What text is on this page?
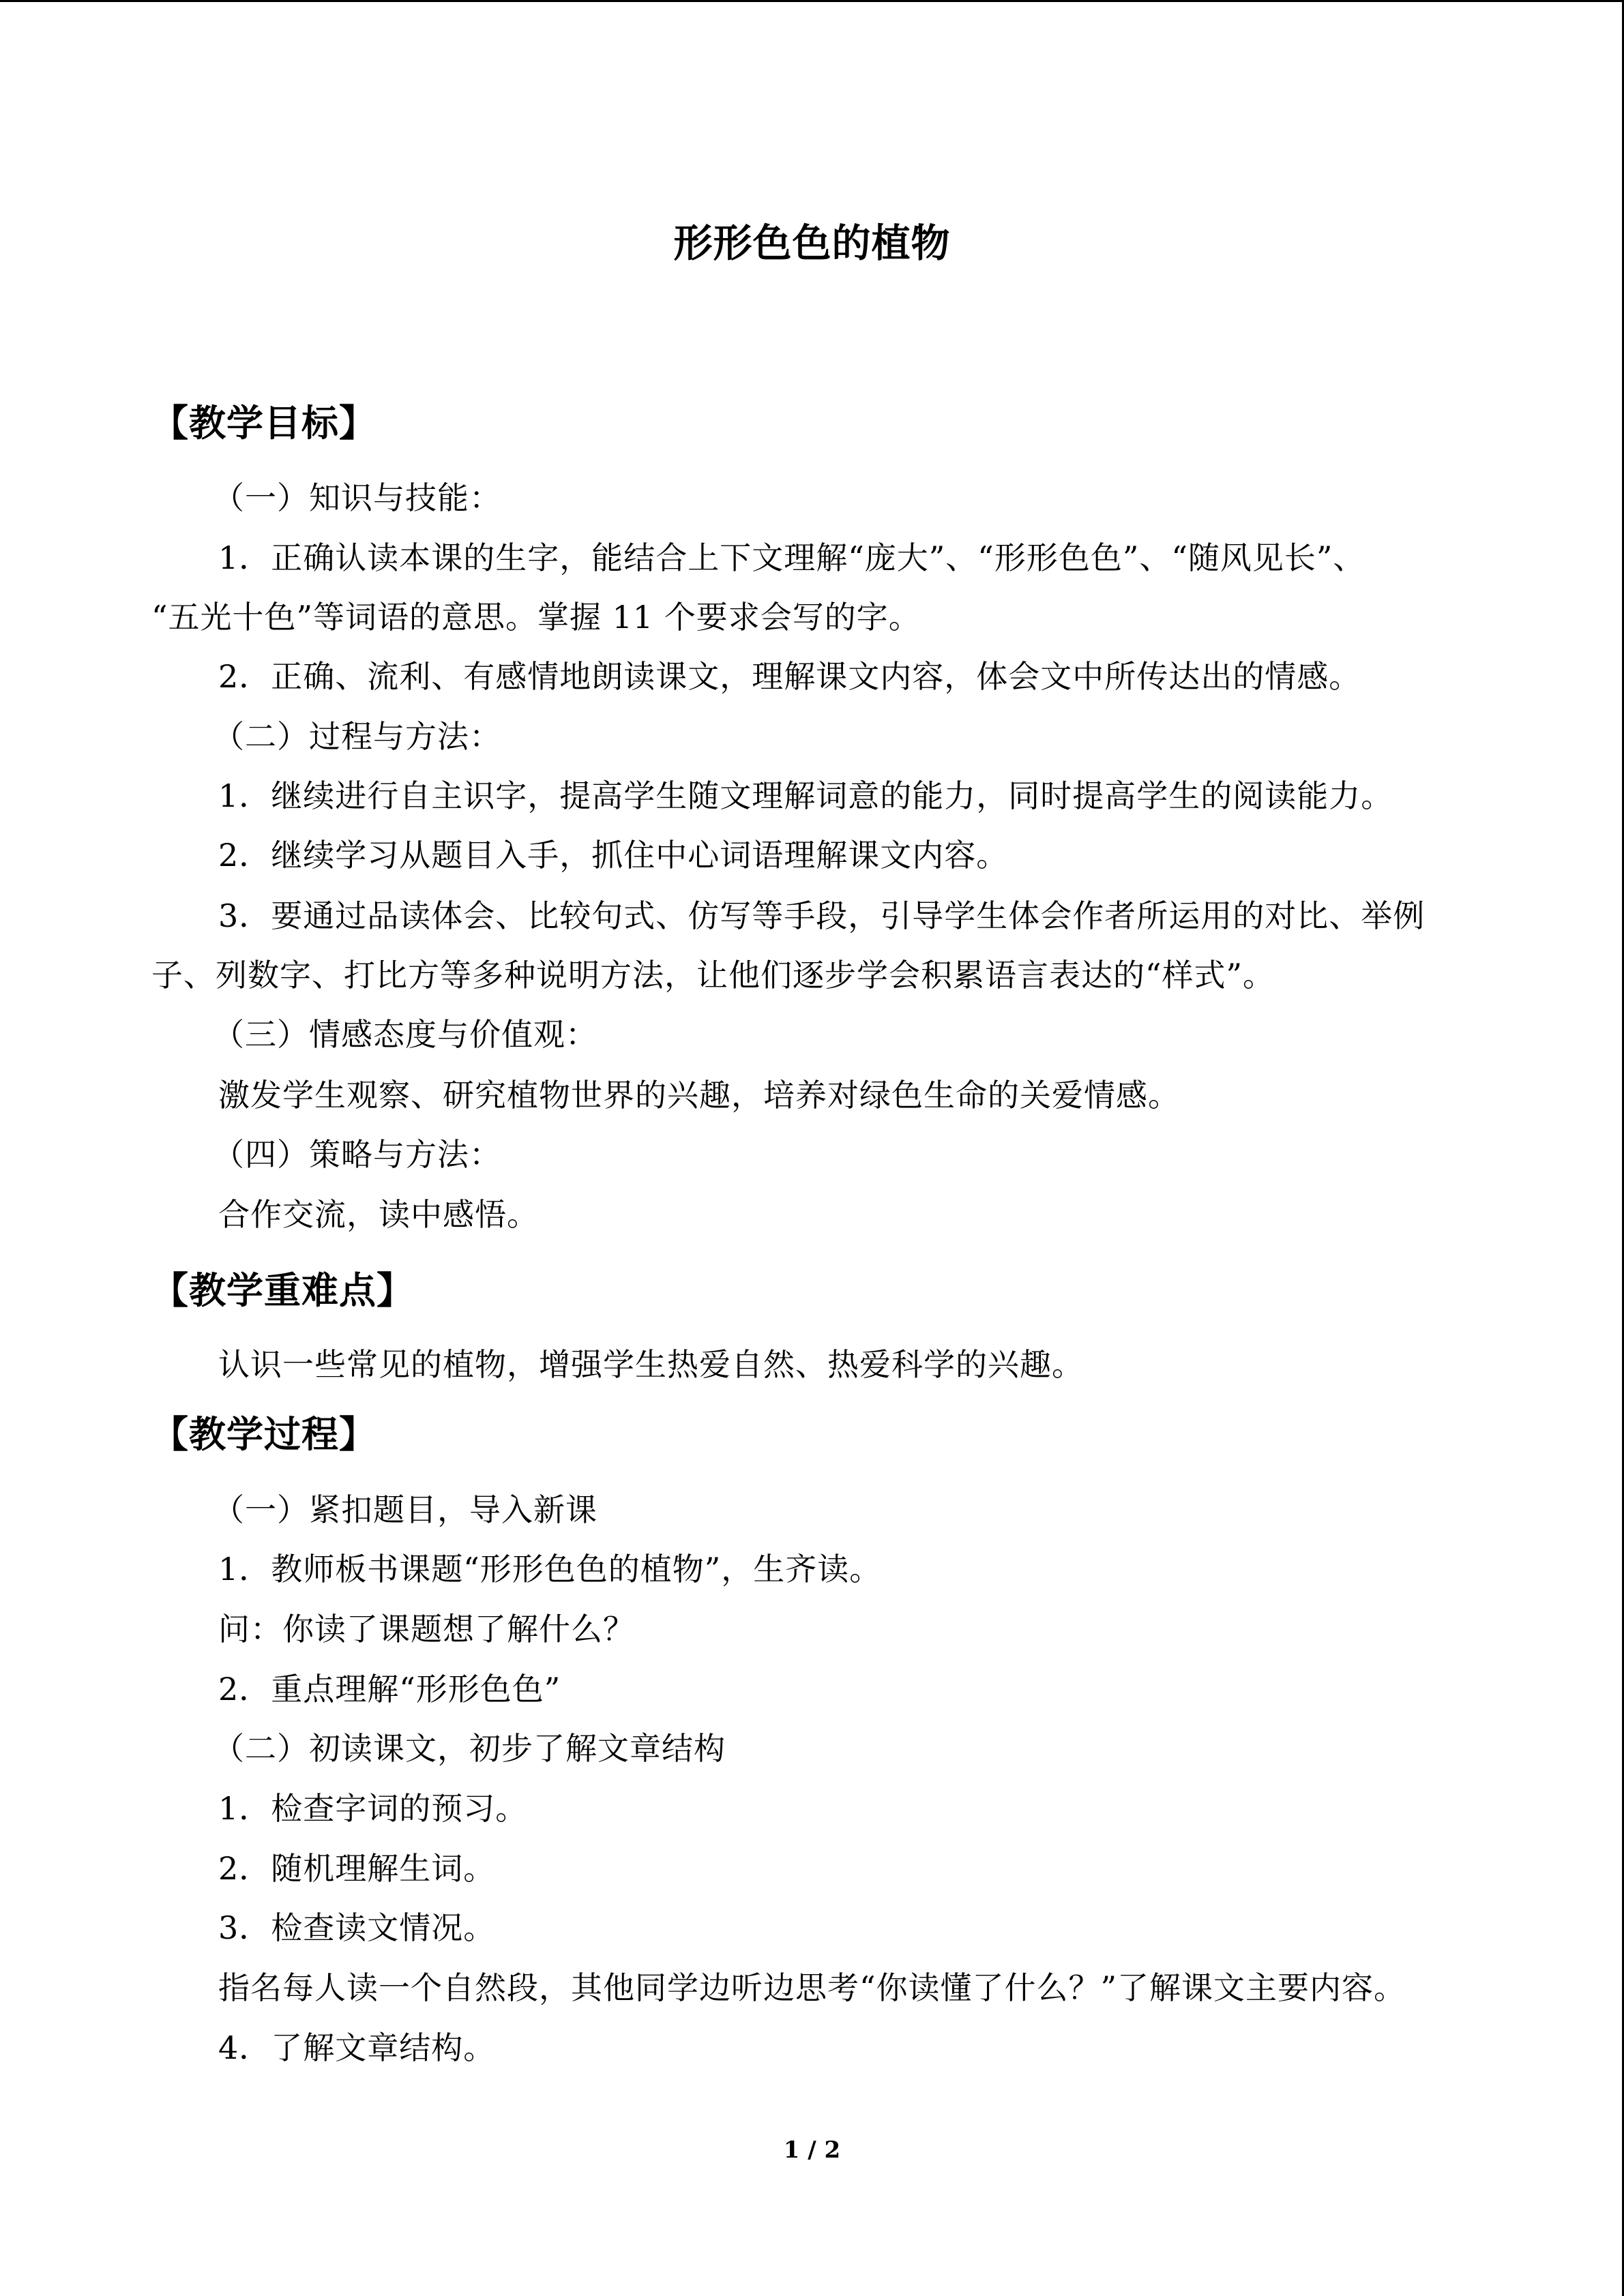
形形色色的植物
【教学目标】
（一）知识与技能：
1．正确认读本课的生字，能结合上下文理解“庞大”、“形形色色”、“随风见长”、
“五光十色”等词语的意思。掌握 11 个要求会写的字。
2．正确、流利、有感情地朗读课文，理解课文内容，体会文中所传达出的情感。
（二）过程与方法：
1．继续进行自主识字，提高学生随文理解词意的能力，同时提高学生的阅读能力。
2．继续学习从题目入手，抓住中心词语理解课文内容。
3．要通过品读体会、比较句式、仿写等手段，引导学生体会作者所运用的对比、举例
子、列数字、打比方等多种说明方法，让他们逐步学会积累语言表达的“样式”。
（三）情感态度与价值观：
激发学生观察、研究植物世界的兴趣，培养对绿色生命的关爱情感。
（四）策略与方法：
合作交流，读中感悟。
【教学重难点】
认识一些常见的植物，增强学生热爱自然、热爱科学的兴趣。
【教学过程】
（一）紧扣题目，导入新课
1．教师板书课题“形形色色的植物”，生齐读。
问：你读了课题想了解什么？
2．重点理解“形形色色”
（二）初读课文，初步了解文章结构
1．检查字词的预习。
2．随机理解生词。
3．检查读文情况。
指名每人读一个自然段，其他同学边听边思考“你读懂了什么？”了解课文主要内容。
4．了解文章结构。
1 / 2
